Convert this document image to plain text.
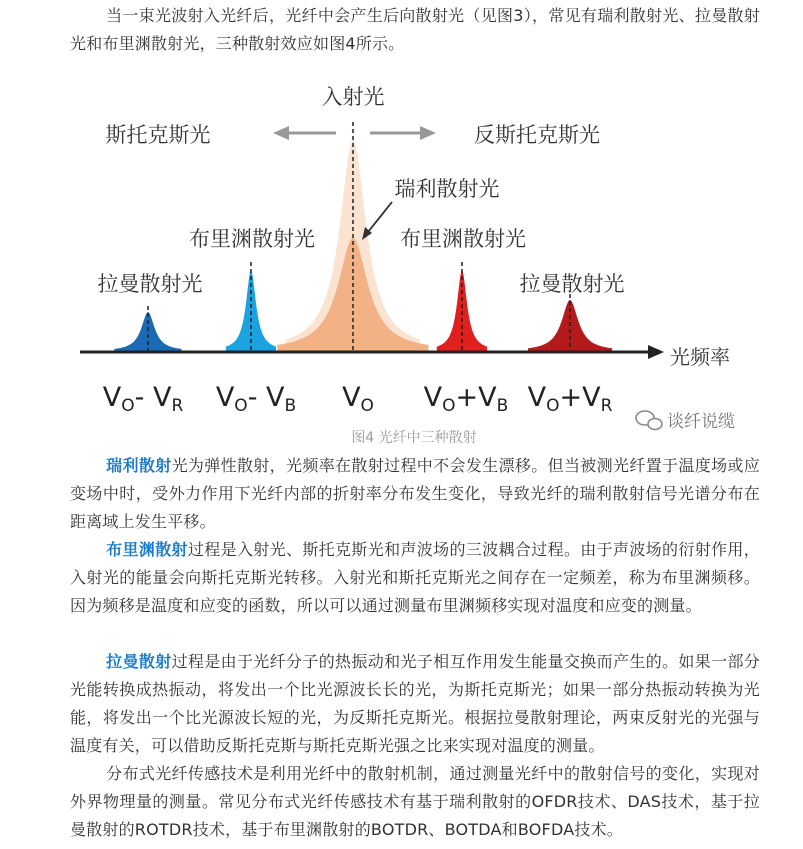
当一束光波射入光纤后，光纤中会产生后向散射光（见图3），常见有瑞利散射光、拉曼散射光和布里渊散射光，三种散射效应如图4所示。

光频率
入射光
斯托克斯光	反斯托克斯光
瑞利散射光
布里渊散射光	布里渊散射光
拉曼散射光	拉曼散射光
VO- VR VO- VB VO VO+VB VO+VR
图4 光纤中三种散射
谈纤说缆

瑞利散射光为弹性散射，光频率在散射过程中不会发生漂移。但当被测光纤置于温度场或应变场中时，受外力作用下光纤内部的折射率分布发生变化，导致光纤的瑞利散射信号光谱分布在距离域上发生平移。

布里渊散射过程是入射光、斯托克斯光和声波场的三波耦合过程。由于声波场的衍射作用，入射光的能量会向斯托克斯光转移。入射光和斯托克斯光之间存在一定频差，称为布里渊频移。因为频移是温度和应变的函数，所以可以通过测量布里渊频移实现对温度和应变的测量。

拉曼散射过程是由于光纤分子的热振动和光子相互作用发生能量交换而产生的。如果一部分光能转换成热振动，将发出一个比光源波长长的光，为斯托克斯光；如果一部分热振动转换为光能，将发出一个比光源波长短的光，为反斯托克斯光。根据拉曼散射理论，两束反射光的光强与温度有关，可以借助反斯托克斯与斯托克斯光强之比来实现对温度的测量。

分布式光纤传感技术是利用光纤中的散射机制，通过测量光纤中的散射信号的变化，实现对外界物理量的测量。常见分布式光纤传感技术有基于瑞利散射的OFDR技术、DAS技术，基于拉曼散射的ROTDR技术，基于布里渊散射的BOTDR、BOTDA和BOFDA技术。
